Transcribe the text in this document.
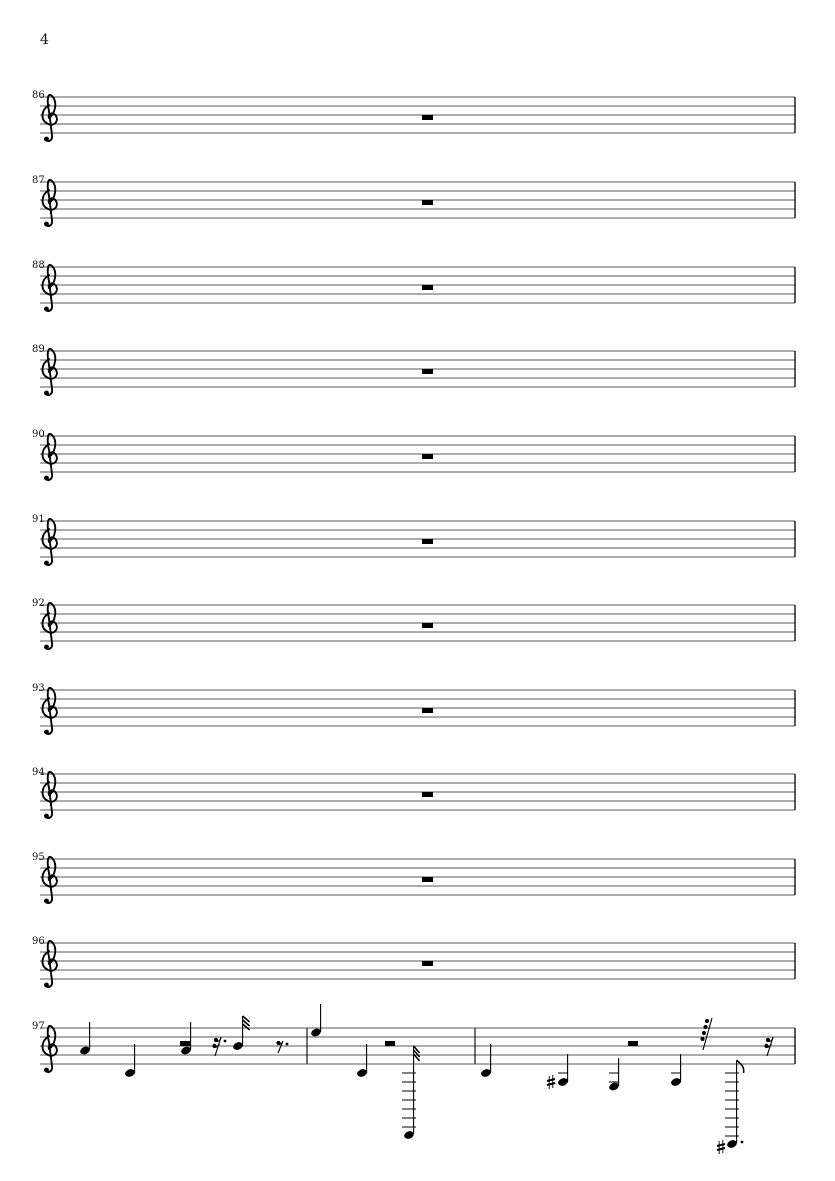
4
86
87
88
89
90
91
92
93
94
95
96
97
